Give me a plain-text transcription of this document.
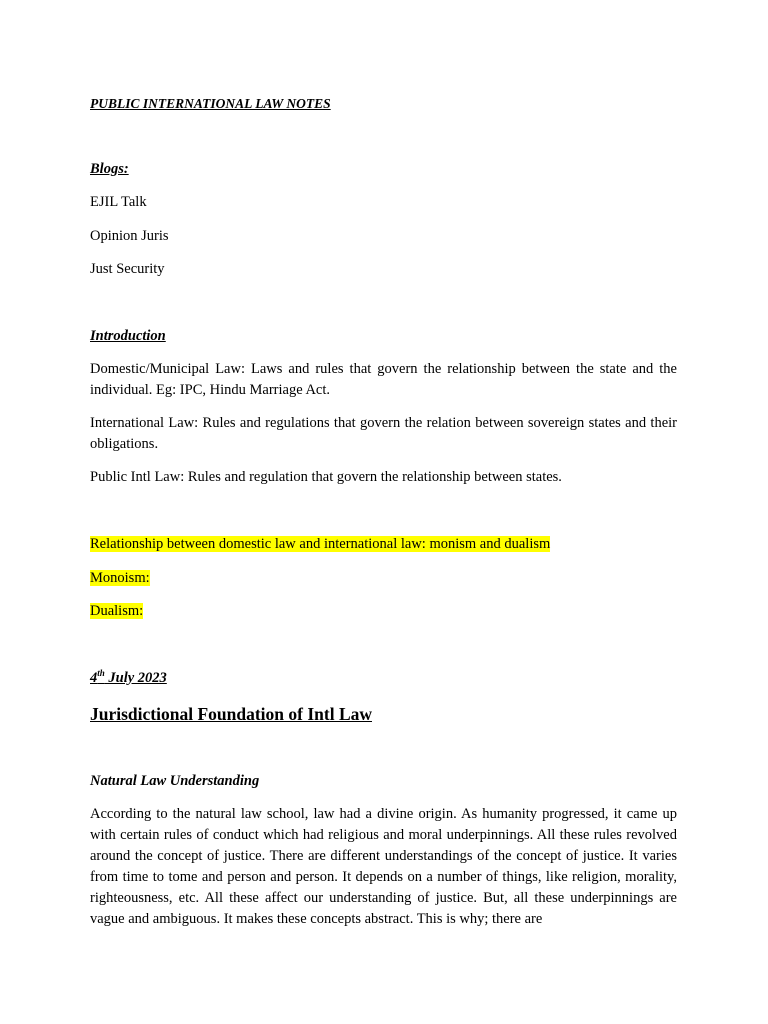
PUBLIC INTERNATIONAL LAW NOTES
Blogs:
EJIL Talk
Opinion Juris
Just Security
Introduction
Domestic/Municipal Law: Laws and rules that govern the relationship between the state and the individual. Eg: IPC, Hindu Marriage Act.
International Law: Rules and regulations that govern the relation between sovereign states and their obligations.
Public Intl Law: Rules and regulation that govern the relationship between states.
Relationship between domestic law and international law: monism and dualism
Monoism:
Dualism:
4th July 2023
Jurisdictional Foundation of Intl Law
Natural Law Understanding
According to the natural law school, law had a divine origin. As humanity progressed, it came up with certain rules of conduct which had religious and moral underpinnings. All these rules revolved around the concept of justice. There are different understandings of the concept of justice. It varies from time to tome and person and person. It depends on a number of things, like religion, morality, righteousness, etc. All these affect our understanding of justice. But, all these underpinnings are vague and ambiguous. It makes these concepts abstract. This is why; there are
